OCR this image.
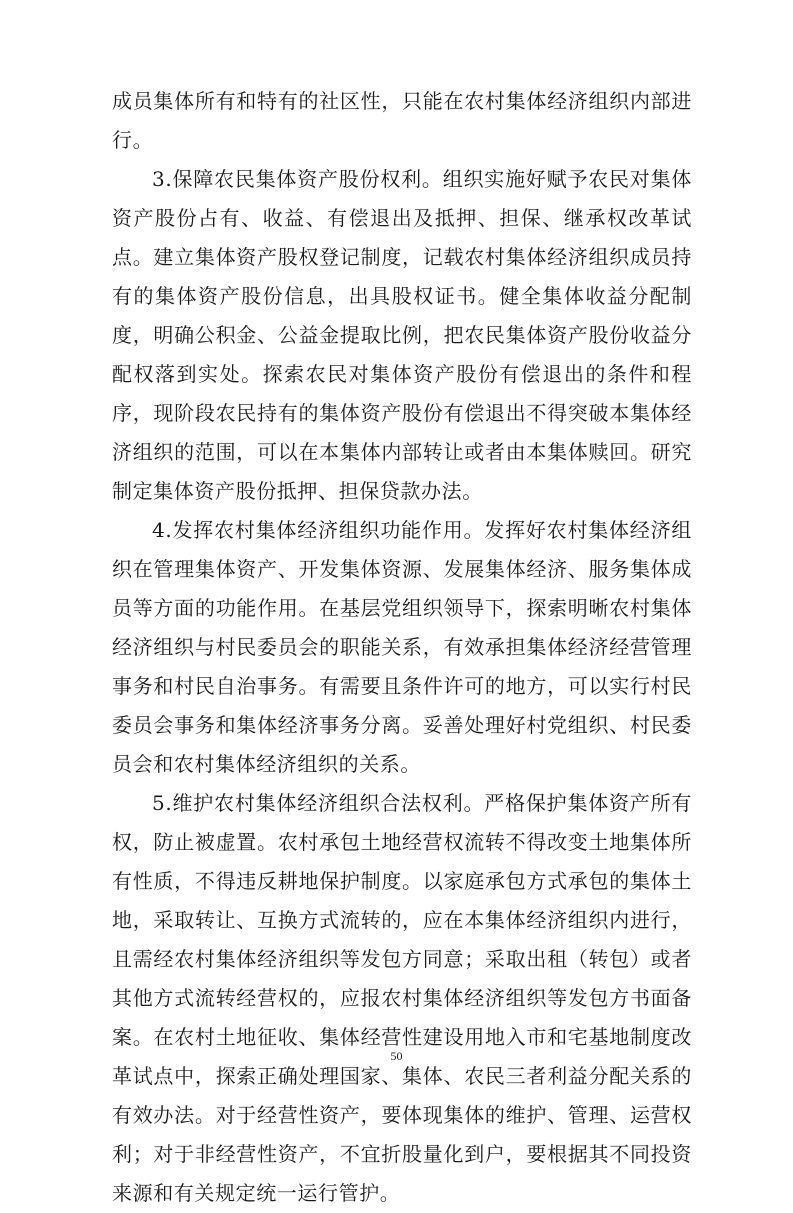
成员集体所有和特有的社区性，只能在农村集体经济组织内部进行。

3.保障农民集体资产股份权利。组织实施好赋予农民对集体资产股份占有、收益、有偿退出及抵押、担保、继承权改革试点。建立集体资产股权登记制度，记载农村集体经济组织成员持有的集体资产股份信息，出具股权证书。健全集体收益分配制度，明确公积金、公益金提取比例，把农民集体资产股份收益分配权落到实处。探索农民对集体资产股份有偿退出的条件和程序，现阶段农民持有的集体资产股份有偿退出不得突破本集体经济组织的范围，可以在本集体内部转让或者由本集体赎回。研究制定集体资产股份抵押、担保贷款办法。

4.发挥农村集体经济组织功能作用。发挥好农村集体经济组织在管理集体资产、开发集体资源、发展集体经济、服务集体成员等方面的功能作用。在基层党组织领导下，探索明晰农村集体经济组织与村民委员会的职能关系，有效承担集体经济经营管理事务和村民自治事务。有需要且条件许可的地方，可以实行村民委员会事务和集体经济事务分离。妥善处理好村党组织、村民委员会和农村集体经济组织的关系。

5.维护农村集体经济组织合法权利。严格保护集体资产所有权，防止被虚置。农村承包土地经营权流转不得改变土地集体所有性质，不得违反耕地保护制度。以家庭承包方式承包的集体土地，采取转让、互换方式流转的，应在本集体经济组织内进行，且需经农村集体经济组织等发包方同意；采取出租（转包）或者其他方式流转经营权的，应报农村集体经济组织等发包方书面备案。在农村土地征收、集体经营性建设用地入市和宅基地制度改革试点中，探索正确处理国家、集体、农民三者利益分配关系的有效办法。对于经营性资产，要体现集体的维护、管理、运营权利；对于非经营性资产，不宜折股量化到户，要根据其不同投资来源和有关规定统一运行管护。

50
